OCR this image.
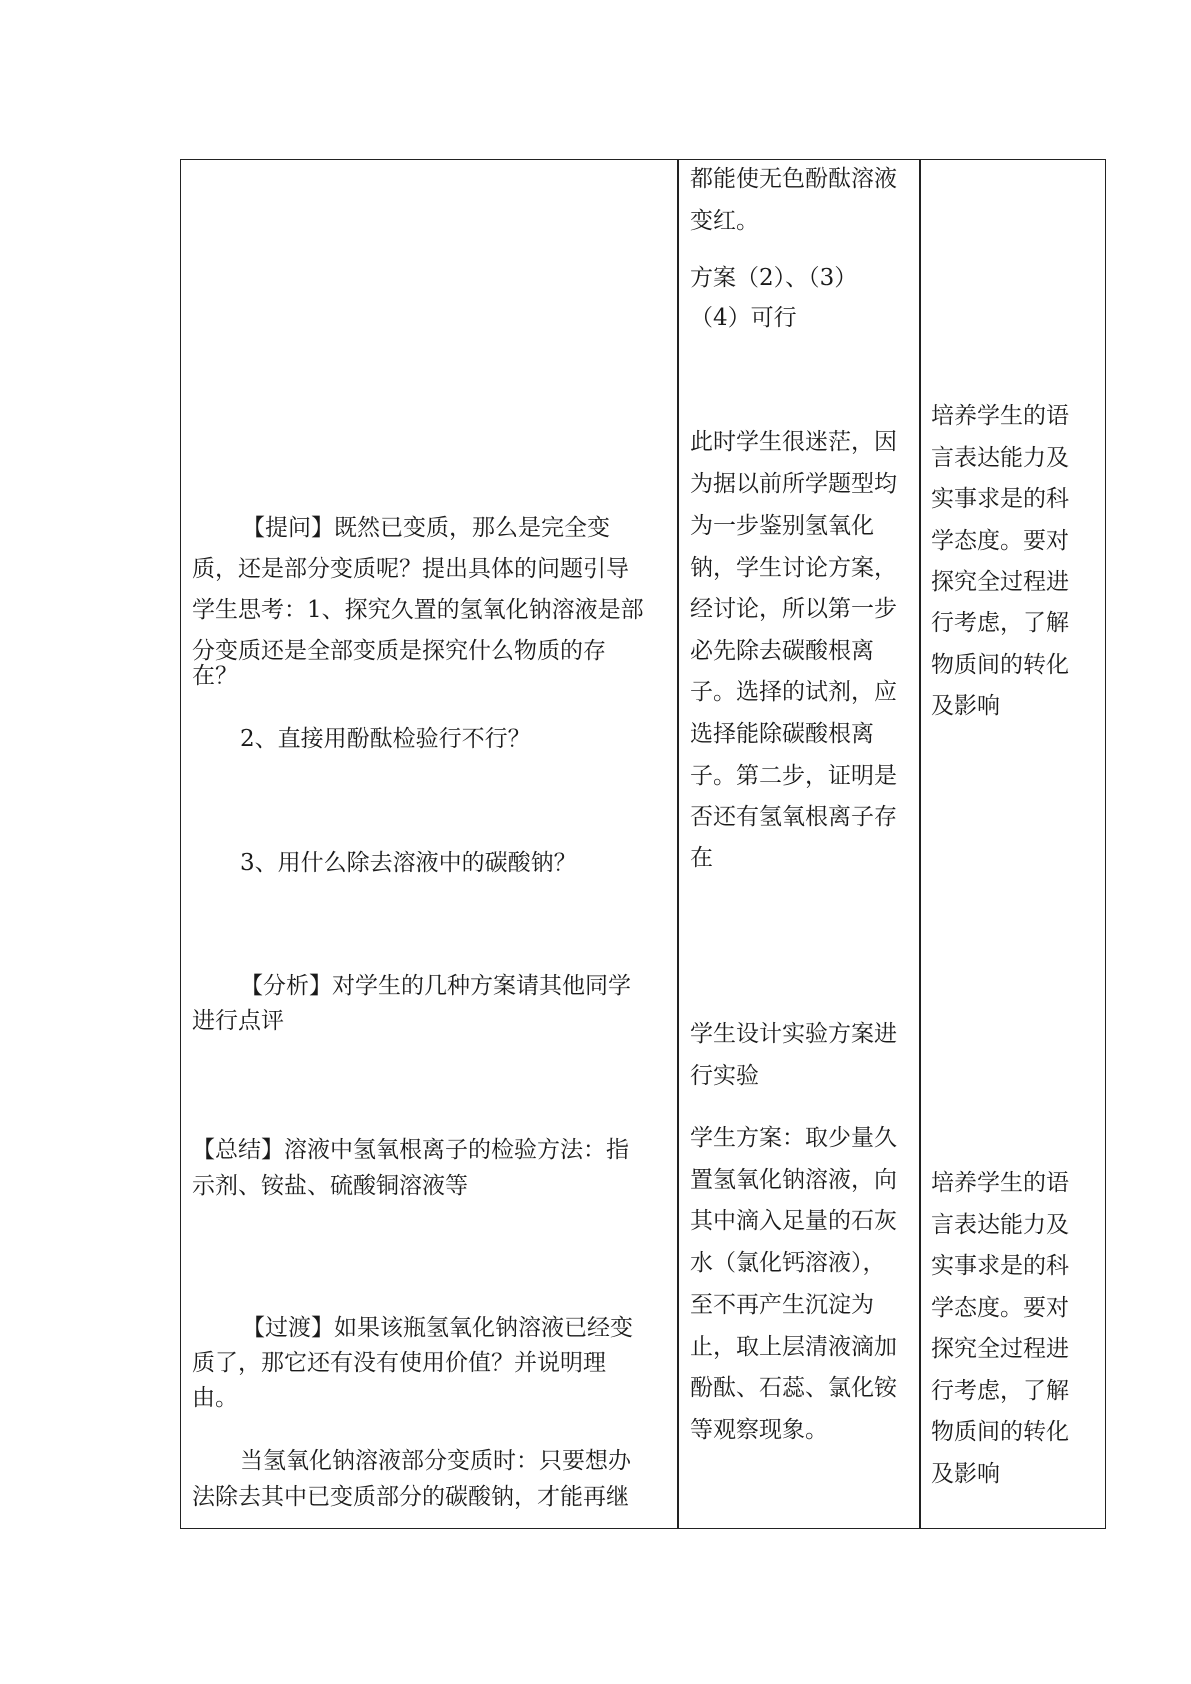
【提问】既然已变质，那么是完全变
质，还是部分变质呢？提出具体的问题引导
学生思考：1、探究久置的氢氧化钠溶液是部
分变质还是全部变质是探究什么物质的存
在？
2、直接用酚酞检验行不行？
3、用什么除去溶液中的碳酸钠？
【分析】对学生的几种方案请其他同学
进行点评
【总结】溶液中氢氧根离子的检验方法：指
示剂、铵盐、硫酸铜溶液等
【过渡】如果该瓶氢氧化钠溶液已经变
质了，那它还有没有使用价值？并说明理
由。
当氢氧化钠溶液部分变质时：只要想办
法除去其中已变质部分的碳酸钠，才能再继
都能使无色酚酞溶液
变红。
方案（2）、（3）
（4）可行
此时学生很迷茫，因
为据以前所学题型均
为一步鉴别氢氧化
钠，学生讨论方案，
经讨论，所以第一步
必先除去碳酸根离
子。选择的试剂，应
选择能除碳酸根离
子。第二步，证明是
否还有氢氧根离子存
在
学生设计实验方案进
行实验
学生方案：取少量久
置氢氧化钠溶液，向
其中滴入足量的石灰
水（氯化钙溶液），
至不再产生沉淀为
止，取上层清液滴加
酚酞、石蕊、氯化铵
等观察现象。
培养学生的语
言表达能力及
实事求是的科
学态度。要对
探究全过程进
行考虑，了解
物质间的转化
及影响
培养学生的语
言表达能力及
实事求是的科
学态度。要对
探究全过程进
行考虑，了解
物质间的转化
及影响
